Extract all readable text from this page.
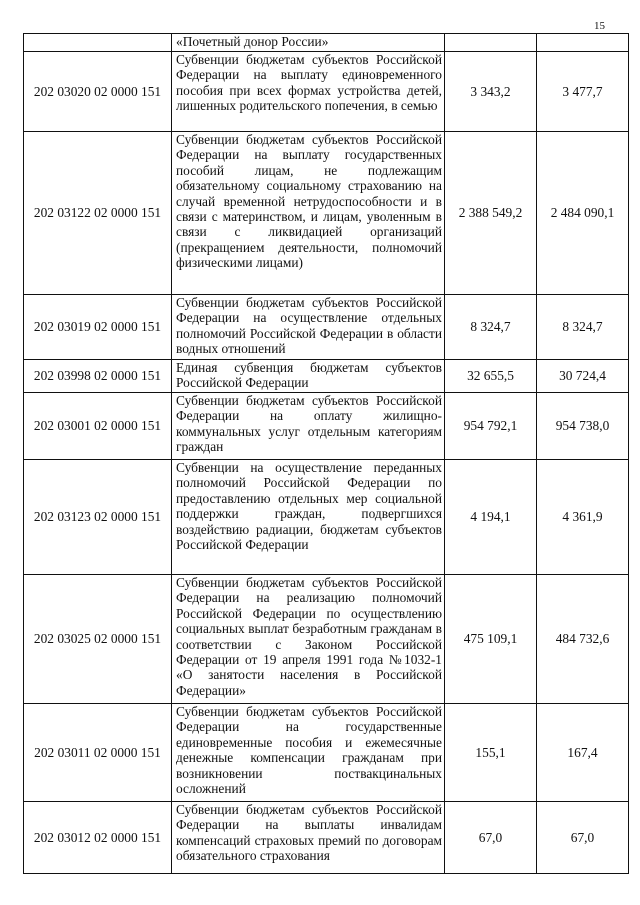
15

	«Почетный донор России»		

202 03020 02 0000 151	Субвенции бюджетам субъектов Российской Федерации на выплату единовременного пособия при всех формах устройства детей, лишенных родительского попечения, в семью	3 343,2	3 477,7
202 03122 02 0000 151	Субвенции бюджетам субъектов Российской Федерации на выплату государственных пособий лицам, не подлежащим обязательному социальному страхованию на случай временной нетрудоспособности и в связи с материнством, и лицам, уволенным в связи с ликвидацией организаций (прекращением деятельности, полномочий физическими лицами)	2 388 549,2	2 484 090,1
202 03019 02 0000 151	Субвенции бюджетам субъектов Российской Федерации на осуществление отдельных полномочий Российской Федерации в области водных отношений	8 324,7	8 324,7
202 03998 02 0000 151	Единая субвенция бюджетам субъектов Российской Федерации	32 655,5	30 724,4
202 03001 02 0000 151	Субвенции бюджетам субъектов Российской Федерации на оплату жилищно-коммунальных услуг отдельным категориям граждан	954 792,1	954 738,0
202 03123 02 0000 151	Субвенции на осуществление переданных полномочий Российской Федерации по предоставлению отдельных мер социальной поддержки граждан, подвергшихся воздействию радиации, бюджетам субъектов Российской Федерации	4 194,1	4 361,9
202 03025 02 0000 151	Субвенции бюджетам субъектов Российской Федерации на реализацию полномочий Российской Федерации по осуществлению социальных выплат безработным гражданам в соответствии с Законом Российской Федерации от 19 апреля 1991 года №1032-1 «О занятости населения в Российской Федерации»	475 109,1	484 732,6
202 03011 02 0000 151	Субвенции бюджетам субъектов Российской Федерации на государственные единовременные пособия и ежемесячные денежные компенсации гражданам при возникновении поствакцинальных осложнений	155,1	167,4
202 03012 02 0000 151	Субвенции бюджетам субъектов Российской Федерации на выплаты инвалидам компенсаций страховых премий по договорам обязательного страхования	67,0	67,0
